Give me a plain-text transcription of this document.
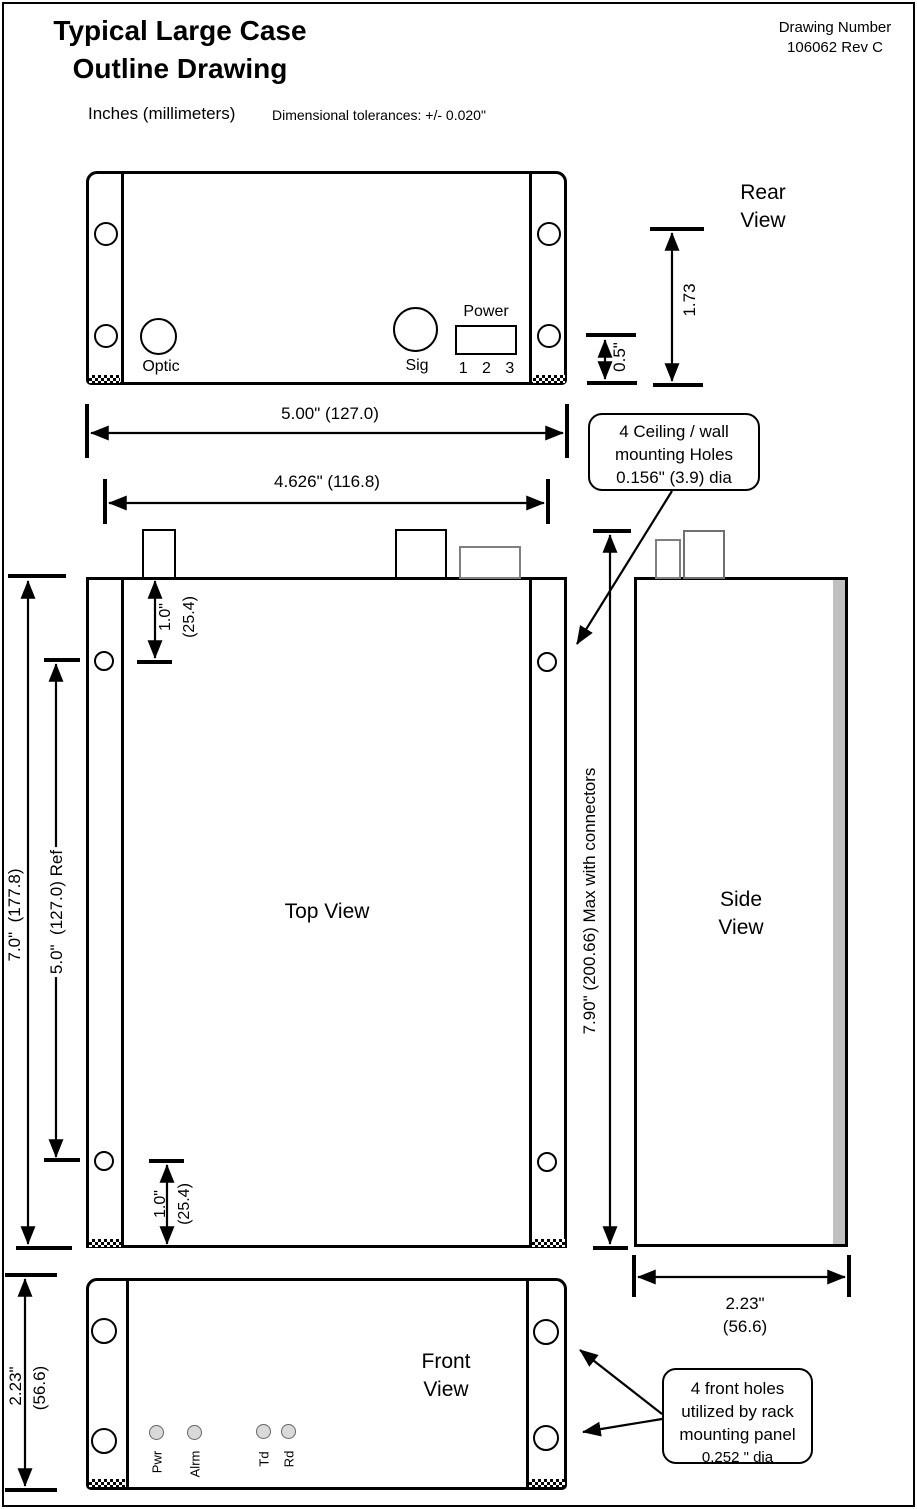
Typical Large Case
Outline Drawing
Drawing Number
106062 Rev C
Inches (millimeters)	Dimensional tolerances: +/- 0.020"
Optic	Sig
Power
1 2 3
Rear
View
1.73
0.5"
5.00" (127.0)
4.626" (116.8)
4 Ceiling / wall
mounting Holes
0.156" (3.9) dia
Top View
1.0" (25.4)
1.0" (25.4)
7.0"  (177.8) 5.0"  (127.0) Ref	7.90" (200.66) Max with connectors	Side
View
2.23"
(56.6)
Front
View
Pwr Alrm	Td Rd
2.23" (56.6)	4 front holes
utilized by rack
mounting panel
0.252 " dia
